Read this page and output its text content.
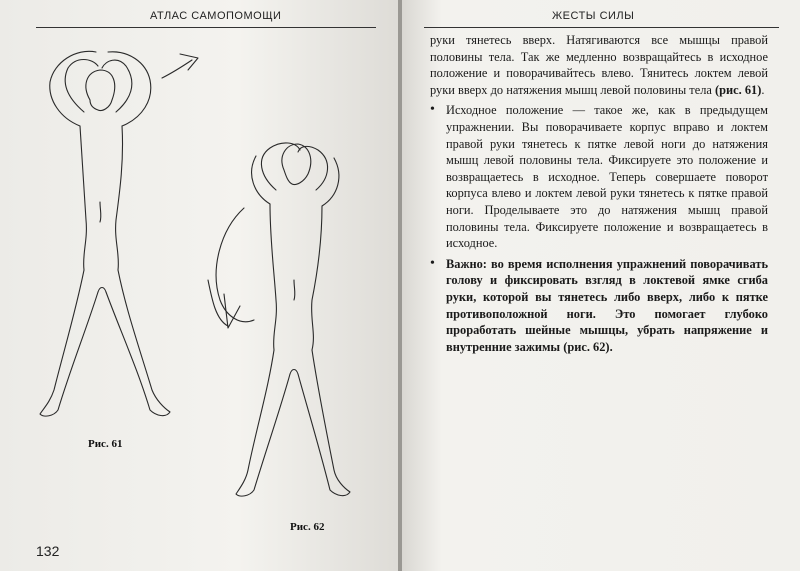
АТЛАС САМОПОМОЩИ
Рис. 61
Рис. 62
132
ЖЕСТЫ СИЛЫ

руки тянетесь вверх. Натягиваются все мышцы правой половины тела. Так же медленно возвращайтесь в исходное положение и поворачивайтесь влево. Тянитесь локтем левой руки вверх до натяжения мышц левой половины тела (рис. 61).

• Исходное положение — такое же, как в предыдущем упражнении. Вы поворачиваете корпус вправо и локтем правой руки тянетесь к пятке левой ноги до натяжения мышц левой половины тела. Фиксируете это положение и возвращаетесь в исходное. Теперь совершаете поворот корпуса влево и локтем левой руки тянетесь к пятке правой ноги. Проделываете это до натяжения мышц правой половины тела. Фиксируете положение и возвращаетесь в исходное.

• Важно: во время исполнения упражнений поворачивать голову и фиксировать взгляд в локтевой ямке сгиба руки, которой вы тянетесь либо вверх, либо к пятке противоположной ноги. Это помогает глубоко проработать шейные мышцы, убрать напряжение и внутренние зажимы (рис. 62).
